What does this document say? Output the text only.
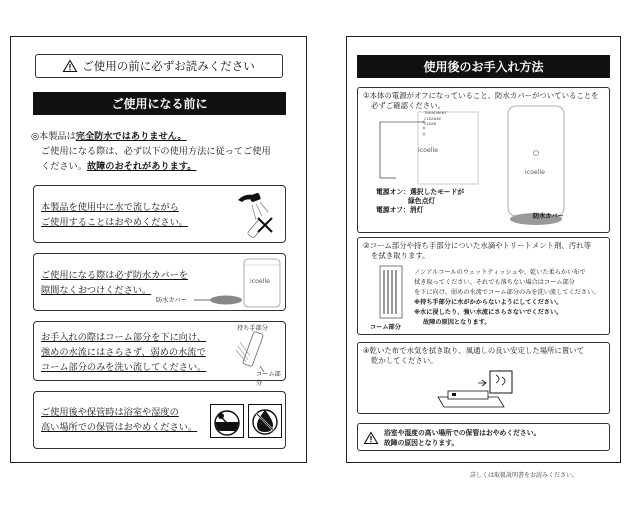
ご使用の前に必ずお読みください
ご使用になる前に
◎本製品は完全防水ではありません。
ご使用になる際は、必ず以下の使用方法に従ってご使用
ください。故障のおそれがあります。
本製品を使用中に水で流しながら
ご使用することはおやめください。
ご使用になる際は必ず防水カバーを
隙間なくおつけください。
防水カバー
icoelle
お手入れの際はコーム部分を下に向け、
強めの水流にはさらさず、弱めの水流で
コーム部分のみを洗い流してください。
持ち手部分
コーム部分
ご使用後や保管時は浴室や湿度の
高い場所での保管はおやめください。
使用後のお手入れ方法
①本体の電源がオフになっていること、防水カバーがついていることを
必ずご確認ください。
TREATMENT
CLEANSE
CLEAR
icoelle
電源オン：選択したモードが
緑色点灯
電源オフ：消灯
icoelle
防水カバー
②コーム部分や持ち手部分についた水滴やトリートメント剤、汚れ等
を拭き取ります。
コーム部分
ノンアルコールのウェットティッシュや、乾いた柔らかい布で
拭き取ってください。それでも落ちない場合はコーム部分
を下に向け、弱めの水流でコーム部分のみを洗い流してください。
※持ち手部分に水がかからないようにしてください。
※水に浸したり、強い水流にさらさないでください。
故障の原因となります。
④乾いた布で水気を拭き取り、風通しの良い安定した場所に置いて
乾かしてください。
浴室や湿度の高い場所での保管はおやめください。
故障の原因となります。
詳しくは取扱説明書をお読みください。
